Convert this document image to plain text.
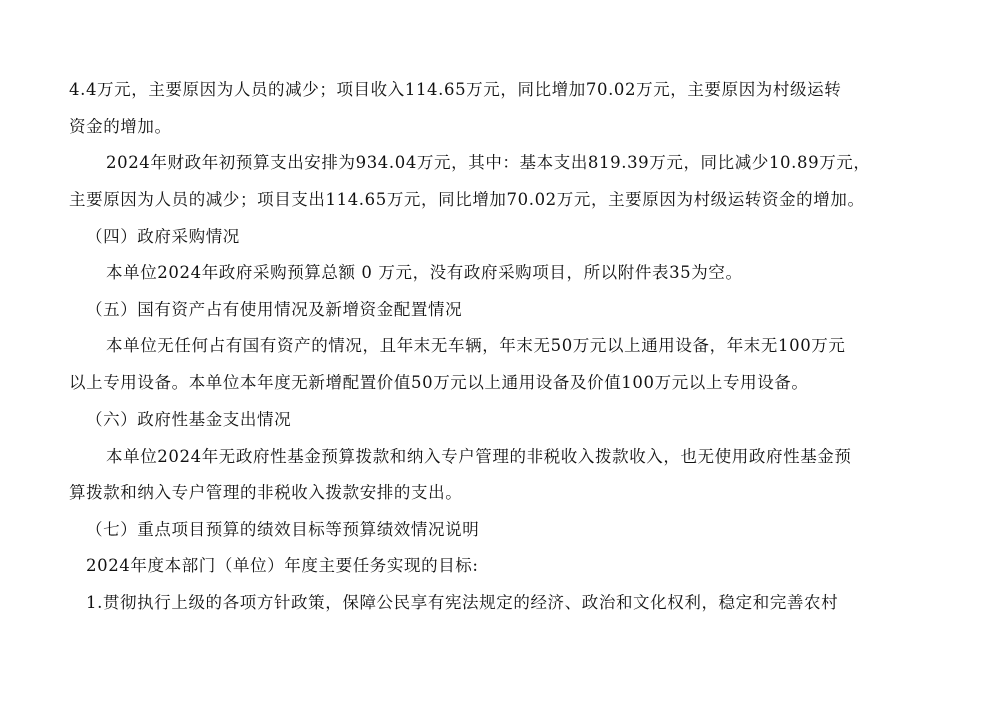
4.4万元，主要原因为人员的减少；项目收入114.65万元，同比增加70.02万元，主要原因为村级运转
资金的增加。
2024年财政年初预算支出安排为934.04万元，其中：基本支出819.39万元，同比减少10.89万元，
主要原因为人员的减少；项目支出114.65万元，同比增加70.02万元，主要原因为村级运转资金的增加。
（四）政府采购情况
本单位2024年政府采购预算总额 0 万元，没有政府采购项目，所以附件表35为空。
（五）国有资产占有使用情况及新增资金配置情况
本单位无任何占有国有资产的情况，且年末无车辆，年末无50万元以上通用设备，年末无100万元
以上专用设备。本单位本年度无新增配置价值50万元以上通用设备及价值100万元以上专用设备。
（六）政府性基金支出情况
本单位2024年无政府性基金预算拨款和纳入专户管理的非税收入拨款收入，也无使用政府性基金预
算拨款和纳入专户管理的非税收入拨款安排的支出。
（七）重点项目预算的绩效目标等预算绩效情况说明
2024年度本部门（单位）年度主要任务实现的目标:
1.贯彻执行上级的各项方针政策，保障公民享有宪法规定的经济、政治和文化权利，稳定和完善农村
